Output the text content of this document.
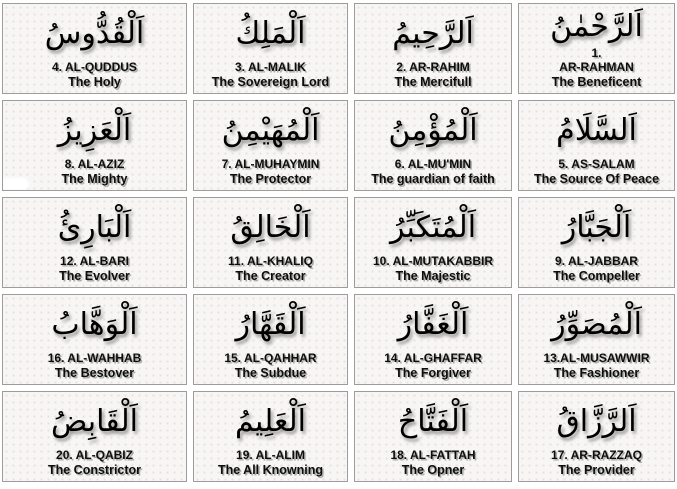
اَلْقُدُّوسُ
4. AL-QUDDUS
The Holy
اَلْمَلِكُ
3. AL-MALIK
The Sovereign Lord
اَلرَّحِيمُ
2. AR-RAHIM
The Mercifull
اَلرَّحْمٰنُ
1.
AR-RAHMAN
The Beneficent
اَلْعَزِيزُ
8. AL-AZIZ
The Mighty
اَلْمُهَيْمِنُ
7. AL-MUHAYMIN
The Protector
اَلْمُؤْمِنُ
6. AL-MU'MIN
The guardian of faith
اَلسَّلَامُ
5. AS-SALAM
The Source Of Peace
اَلْبَارِئُ
12. AL-BARI
The Evolver
اَلْخَالِقُ
11. AL-KHALIQ
The Creator
اَلْمُتَكَبِّرُ
10. AL-MUTAKABBIR
The Majestic
اَلْجَبَّارُ
9. AL-JABBAR
The Compeller
اَلْوَهَّابُ
16. AL-WAHHAB
The Bestover
اَلْقَهَّارُ
15. AL-QAHHAR
The Subdue
اَلْغَفَّارُ
14. AL-GHAFFAR
The Forgiver
اَلْمُصَوِّرُ
13.AL-MUSAWWIR
The Fashioner
اَلْقَابِضُ
20. AL-QABIZ
The Constrictor
اَلْعَلِيمُ
19. AL-ALIM
The All Knowning
اَلْفَتَّاحُ
18. AL-FATTAH
The Opner
اَلرَّزَّاقُ
17. AR-RAZZAQ
The Provider
